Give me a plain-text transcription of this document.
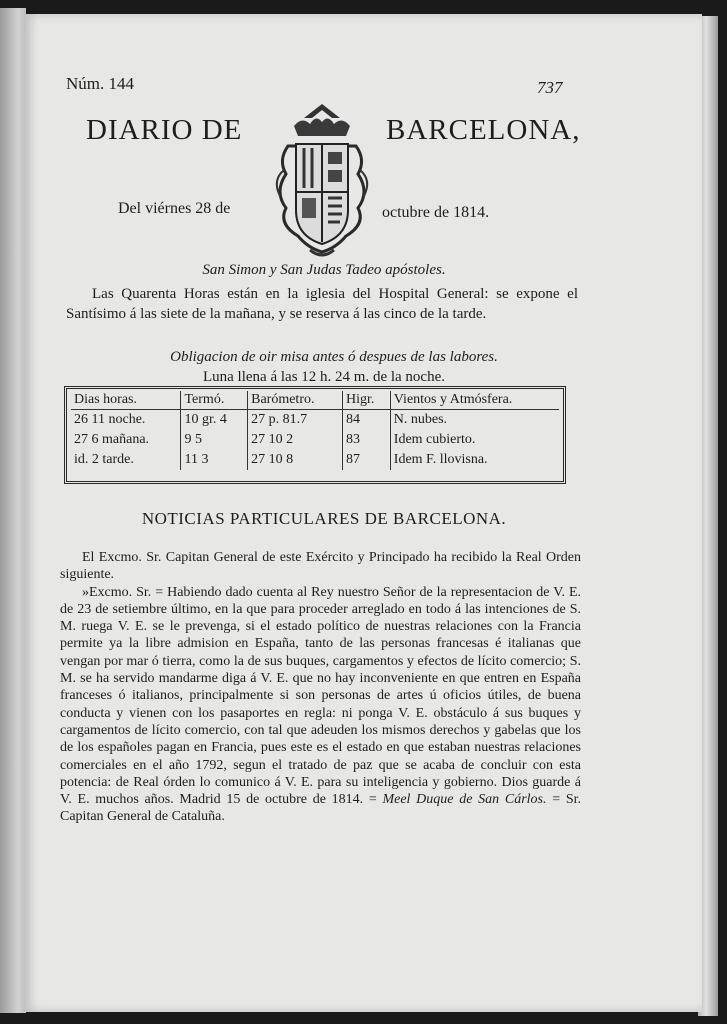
Núm. 144	737
DIARIO DE	BARCELONA,
Del viérnes 28 de	octubre de 1814.
San Simon y San Judas Tadeo apóstoles.
Las Quarenta Horas están en la iglesia del Hospital General: se expone el Santísimo á las siete de la mañana, y se reserva á las cinco de la tarde.
Obligacion de oir misa antes ó despues de las labores.
Luna llena á las 12 h. 24 m. de la noche.
Dias horas.	Termó.	Barómetro.	Higr.	Vientos y Atmósfera.
26 11 noche.	10 gr. 4	27 p. 81.7	84	N. nubes.
27 6 mañana.	9 5	27 10 2	83	Idem cubierto.
id. 2 tarde.	11 3	27 10 8	87	Idem F. llovisna.
NOTICIAS PARTICULARES DE BARCELONA.

El Excmo. Sr. Capitan General de este Exército y Principado ha recibido la Real Orden siguiente.

»Excmo. Sr. = Habiendo dado cuenta al Rey nuestro Señor de la representacion de V. E. de 23 de setiembre último, en la que para proceder arreglado en todo á las intenciones de S. M. ruega V. E. se le prevenga, si el estado político de nuestras relaciones con la Francia permite ya la libre admision en España, tanto de las personas francesas é italianas que vengan por mar ó tierra, como la de sus buques, cargamentos y efectos de lícito comercio; S. M. se ha servido mandarme diga á V. E. que no hay inconveniente en que entren en España franceses ó italianos, principalmente si son personas de artes ú oficios útiles, de buena conducta y vienen con los pasaportes en regla: ni ponga V. E. obstáculo á sus buques y cargamentos de lícito comercio, con tal que adeuden los mismos derechos y gabelas que los de los españoles pagan en Francia, pues este es el estado en que estaban nuestras relaciones comerciales en el año 1792, segun el tratado de paz que se acaba de concluir con esta potencia: de Real órden lo comunico á V. E. para su inteligencia y gobierno. Dios guarde á V. E. muchos años. Madrid 15 de octubre de 1814. = Meel Duque de San Cárlos. = Sr. Capitan General de Cataluña.
